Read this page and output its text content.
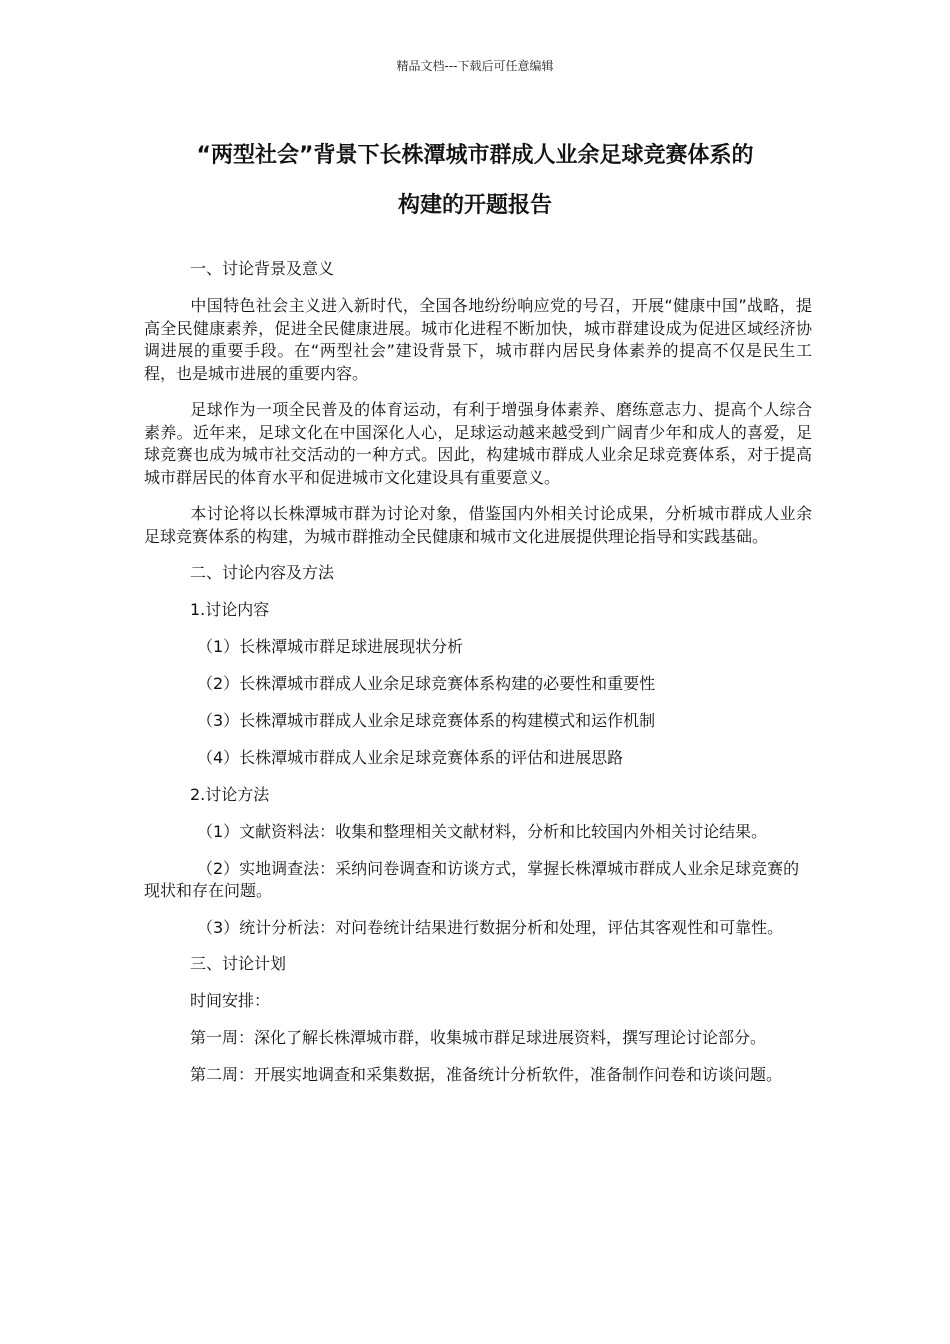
精品文档---下载后可任意编辑
“两型社会”背景下长株潭城市群成人业余足球竞赛体系的
构建的开题报告
一、讨论背景及意义

中国特色社会主义进入新时代，全国各地纷纷响应党的号召，开展“健康中国”战略，提高全民健康素养，促进全民健康进展。城市化进程不断加快，城市群建设成为促进区域经济协调进展的重要手段。在“两型社会”建设背景下，城市群内居民身体素养的提高不仅是民生工程，也是城市进展的重要内容。

足球作为一项全民普及的体育运动，有利于增强身体素养、磨练意志力、提高个人综合素养。近年来，足球文化在中国深化人心，足球运动越来越受到广阔青少年和成人的喜爱，足球竞赛也成为城市社交活动的一种方式。因此，构建城市群成人业余足球竞赛体系，对于提高城市群居民的体育水平和促进城市文化建设具有重要意义。

本讨论将以长株潭城市群为讨论对象，借鉴国内外相关讨论成果，分析城市群成人业余足球竞赛体系的构建，为城市群推动全民健康和城市文化进展提供理论指导和实践基础。

二、讨论内容及方法
1.讨论内容
（1）长株潭城市群足球进展现状分析
（2）长株潭城市群成人业余足球竞赛体系构建的必要性和重要性
（3）长株潭城市群成人业余足球竞赛体系的构建模式和运作机制
（4）长株潭城市群成人业余足球竞赛体系的评估和进展思路
2.讨论方法

（1）文献资料法：收集和整理相关文献材料，分析和比较国内外相关讨论结果。

（2）实地调查法：采纳问卷调查和访谈方式，掌握长株潭城市群成人业余足球竞赛的现状和存在问题。

（3）统计分析法：对问卷统计结果进行数据分析和处理，评估其客观性和可靠性。

三、讨论计划
时间安排：

第一周：深化了解长株潭城市群，收集城市群足球进展资料，撰写理论讨论部分。

第二周：开展实地调查和采集数据，准备统计分析软件，准备制作问卷和访谈问题。
